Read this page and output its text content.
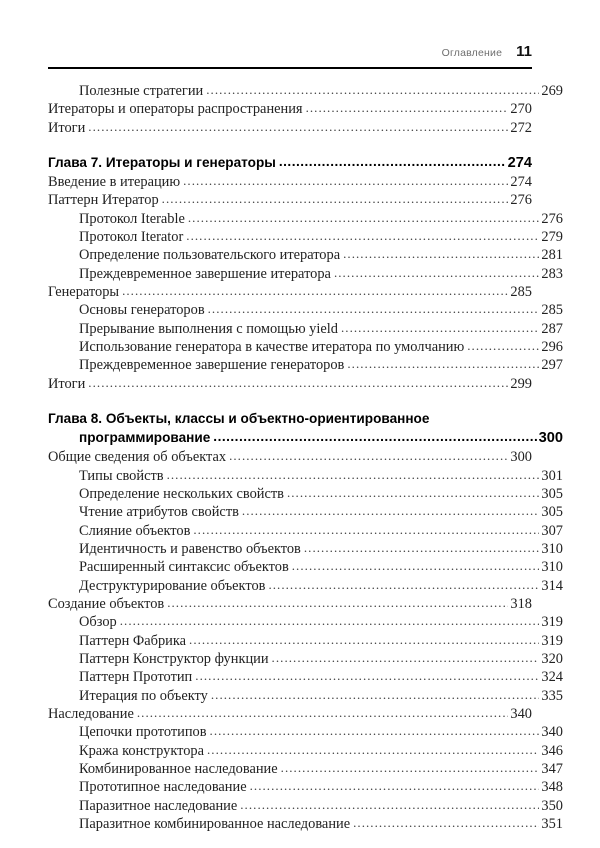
Оглавление 11
Полезные стратегии .....	269
Итераторы и операторы распространения .....	270
Итоги .....	272
Глава 7. Итераторы и генераторы .....	274
Введение в итерацию .....	274
Паттерн Итератор .....	276
Протокол Iterable .....	276
Протокол Iterator .....	279
Определение пользовательского итератора .....	281
Преждевременное завершение итератора .....	283
Генераторы .....	285
Основы генераторов .....	285
Прерывание выполнения с помощью yield .....	287
Использование генератора в качестве итератора по умолчанию .....	296
Преждевременное завершение генераторов .....	297
Итоги .....	299
Глава 8. Объекты, классы и объектно-ориентированное
программирование .....	300
Общие сведения об объектах .....	300
Типы свойств .....	301
Определение нескольких свойств .....	305
Чтение атрибутов свойств .....	305
Слияние объектов .....	307
Идентичность и равенство объектов .....	310
Расширенный синтаксис объектов .....	310
Деструктурирование объектов .....	314
Создание объектов .....	318
Обзор .....	319
Паттерн Фабрика .....	319
Паттерн Конструктор функции .....	320
Паттерн Прототип .....	324
Итерация по объекту .....	335
Наследование .....	340
Цепочки прототипов .....	340
Кража конструктора .....	346
Комбинированное наследование .....	347
Прототипное наследование .....	348
Паразитное наследование .....	350
Паразитное комбинированное наследование .....	351
